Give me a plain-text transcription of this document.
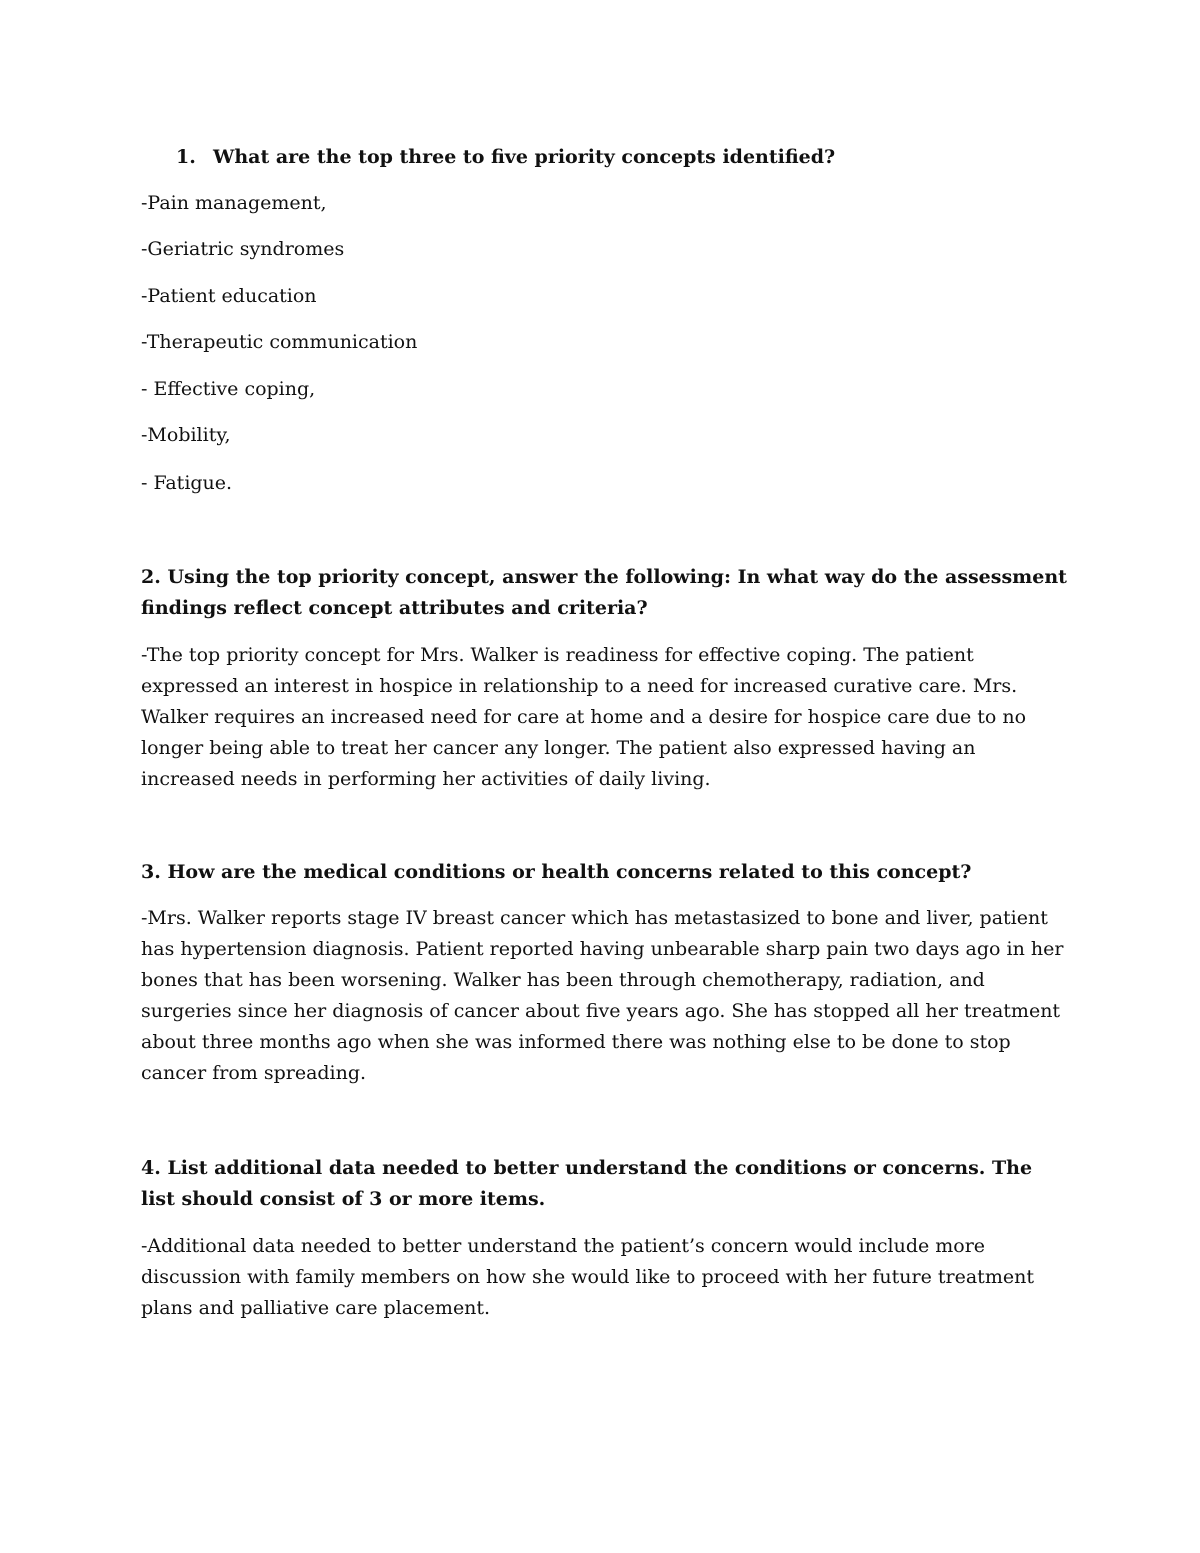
1. What are the top three to five priority concepts identified?

-Pain management,

-Geriatric syndromes

-Patient education

-Therapeutic communication

- Effective coping,

-Mobility,

- Fatigue.

2. Using the top priority concept, answer the following: In what way do the assessment findings reflect concept attributes and criteria?

-The top priority concept for Mrs. Walker is readiness for effective coping. The patient expressed an interest in hospice in relationship to a need for increased curative care. Mrs. Walker requires an increased need for care at home and a desire for hospice care due to no longer being able to treat her cancer any longer. The patient also expressed having an increased needs in performing her activities of daily living.

3. How are the medical conditions or health concerns related to this concept?

-Mrs. Walker reports stage IV breast cancer which has metastasized to bone and liver, patient has hypertension diagnosis. Patient reported having unbearable sharp pain two days ago in her bones that has been worsening. Walker has been through chemotherapy, radiation, and surgeries since her diagnosis of cancer about five years ago. She has stopped all her treatment about three months ago when she was informed there was nothing else to be done to stop cancer from spreading.

4. List additional data needed to better understand the conditions or concerns. The list should consist of 3 or more items.

-Additional data needed to better understand the patient’s concern would include more discussion with family members on how she would like to proceed with her future treatment plans and palliative care placement.
